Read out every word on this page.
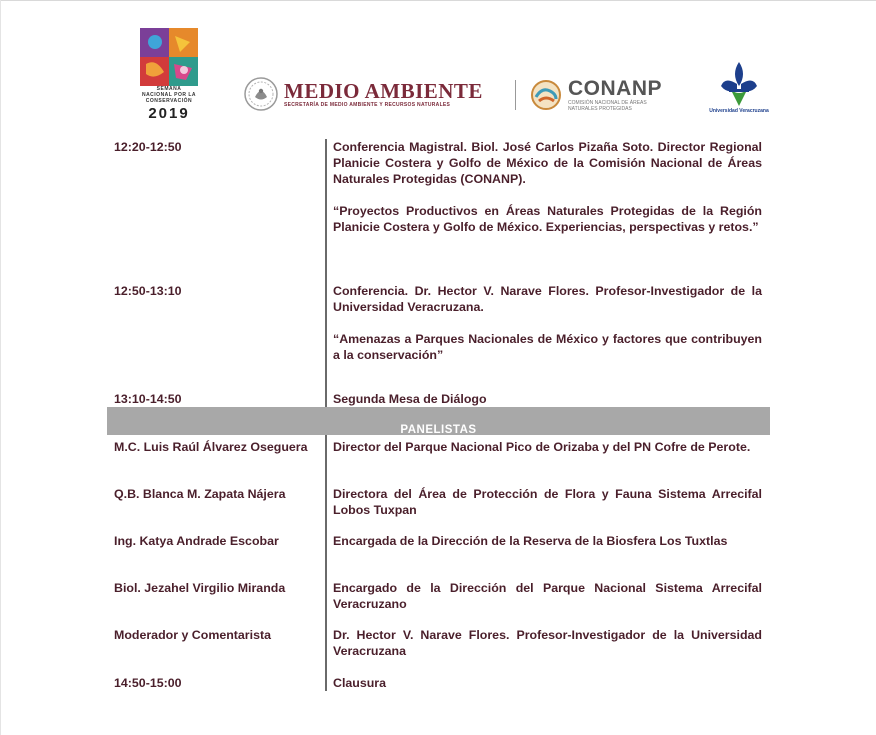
SEMANA
NACIONAL POR LA
CONSERVACIÓN
2019
MEDIO AMBIENTE
SECRETARÍA DE MEDIO AMBIENTE Y RECURSOS NATURALES
CONANP
COMISIÓN NACIONAL DE ÁREAS
NATURALES PROTEGIDAS	Universidad Veracruzana
12:20-12:50	Conferencia Magistral. Biol. José Carlos Pizaña Soto. Director Regional Planicie Costera y Golfo de México de la Comisión Nacional de Áreas Naturales Protegidas (CONANP).

“Proyectos Productivos en Áreas Naturales Protegidas de la Región Planicie Costera y Golfo de México. Experiencias, perspectivas y retos.”

12:50-13:10	Conferencia. Dr. Hector V. Narave Flores. Profesor-Investigador de la Universidad Veracruzana.

“Amenazas a Parques Nacionales de México y factores que contribuyen a la conservación”

13:10-14:50	Segunda Mesa de Diálogo
PANELISTAS
M.C. Luis Raúl Álvarez Oseguera	Director del Parque Nacional Pico de Orizaba y del PN Cofre de Perote.
Q.B. Blanca M. Zapata Nájera	Directora del Área de Protección de Flora y Fauna Sistema Arrecifal Lobos Tuxpan
Ing. Katya Andrade Escobar	Encargada de la Dirección de la Reserva de la Biosfera Los Tuxtlas
Biol. Jezahel Virgilio Miranda	Encargado de la Dirección del Parque Nacional Sistema Arrecifal Veracruzano
Moderador y Comentarista	Dr. Hector V. Narave Flores. Profesor-Investigador de la Universidad Veracruzana
14:50-15:00	Clausura
